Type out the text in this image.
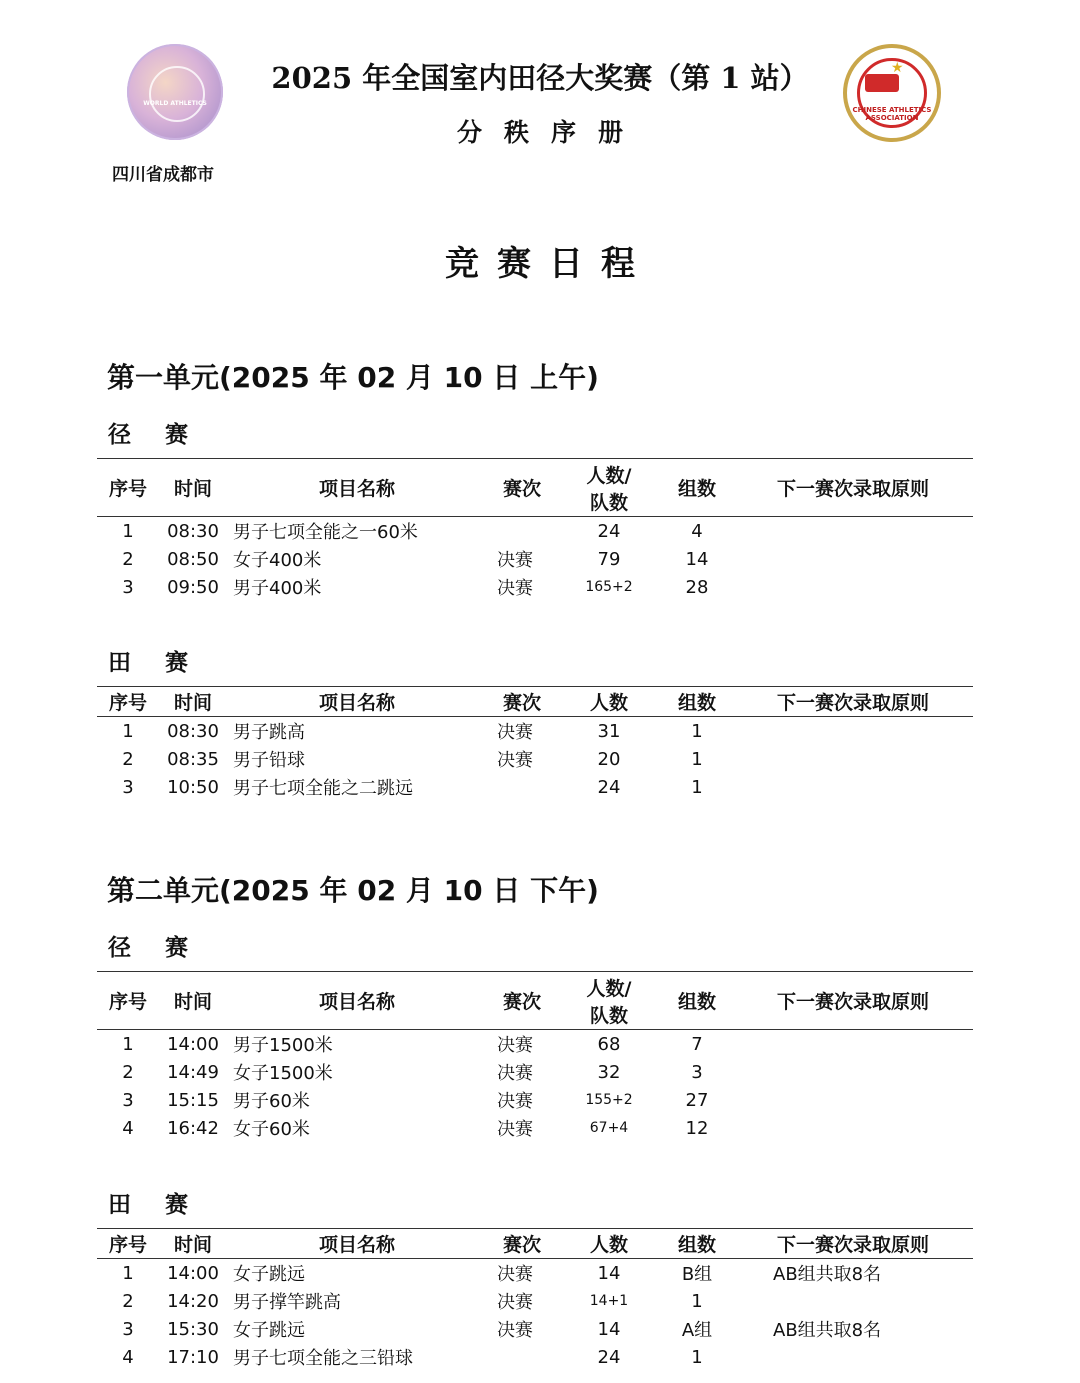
WORLD ATHLETICS
2025 年全国室内田径大奖赛（第 1 站）
分秩序册
★
CHINESE ATHLETICS ASSOCIATION
四川省成都市
竞赛日程
第一单元(2025 年 02 月 10 日 上午)
径赛
序号	时间	项目名称	赛次	人数/
队数	组数	下一赛次录取原则
1	08:30	男子七项全能之一60米		24	4	
2	08:50	女子400米	决赛	79	14	
3	09:50	男子400米	决赛	165+2	28	
田赛
序号	时间	项目名称	赛次	人数	组数	下一赛次录取原则
1	08:30	男子跳高	决赛	31	1	
2	08:35	男子铅球	决赛	20	1	
3	10:50	男子七项全能之二跳远		24	1	
第二单元(2025 年 02 月 10 日 下午)
径赛
序号	时间	项目名称	赛次	人数/
队数	组数	下一赛次录取原则
1	14:00	男子1500米	决赛	68	7	
2	14:49	女子1500米	决赛	32	3	
3	15:15	男子60米	决赛	155+2	27	
4	16:42	女子60米	决赛	67+4	12	
田赛
序号	时间	项目名称	赛次	人数	组数	下一赛次录取原则
1	14:00	女子跳远	决赛	14	B组	AB组共取8名
2	14:20	男子撑竿跳高	决赛	14+1	1	
3	15:30	女子跳远	决赛	14	A组	AB组共取8名
4	17:10	男子七项全能之三铅球		24	1	
